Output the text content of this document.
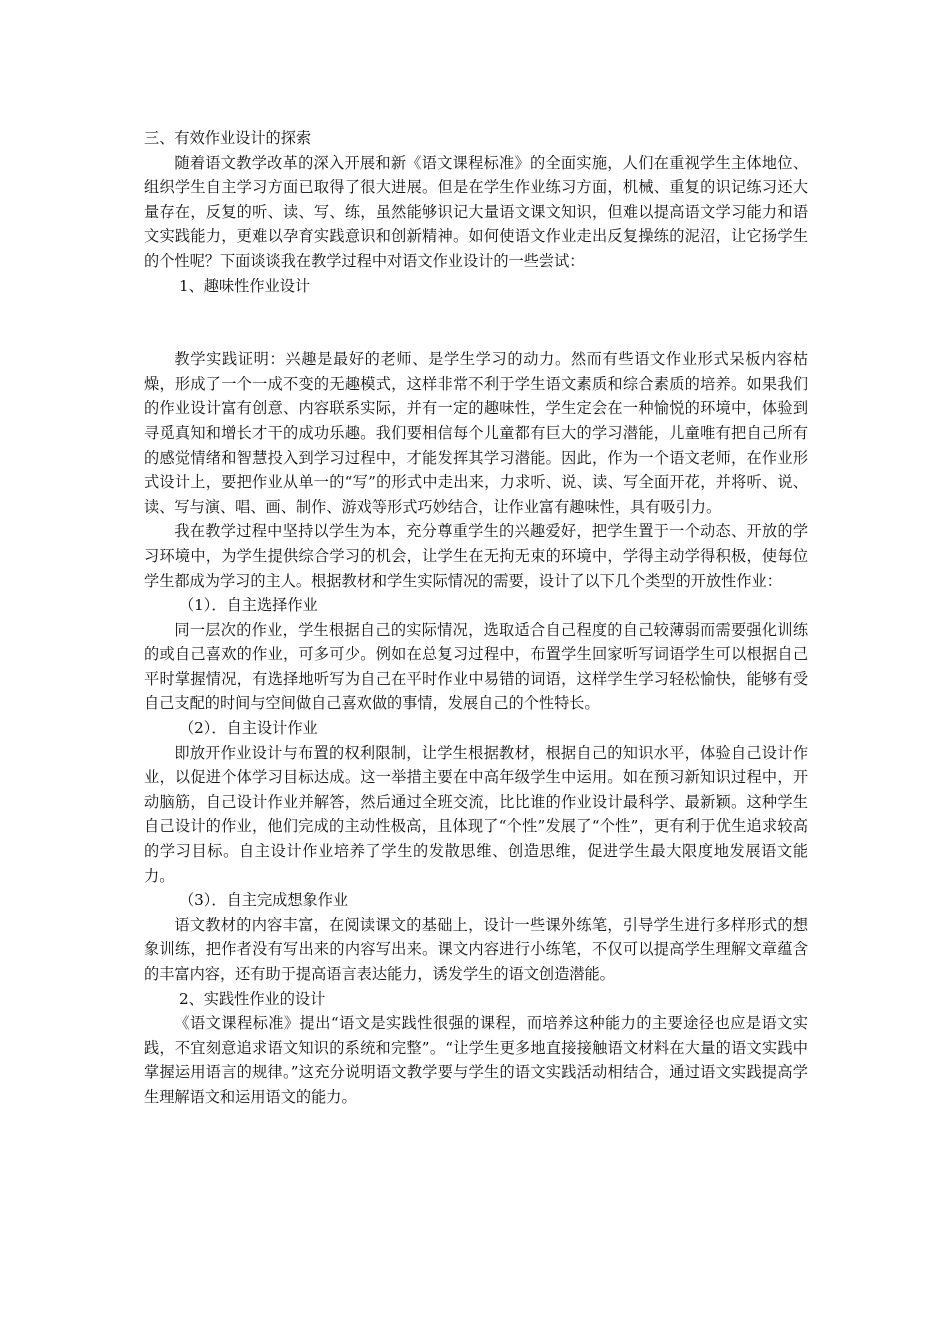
三、有效作业设计的探索

随着语文教学改革的深入开展和新《语文课程标准》的全面实施，人们在重视学生主体地位、组织学生自主学习方面已取得了很大进展。但是在学生作业练习方面，机械、重复的识记练习还大量存在，反复的听、读、写、练，虽然能够识记大量语文课文知识，但难以提高语文学习能力和语文实践能力，更难以孕育实践意识和创新精神。如何使语文作业走出反复操练的泥沼，让它扬学生的个性呢？下面谈谈我在教学过程中对语文作业设计的一些尝试：

1、趣味性作业设计

教学实践证明：兴趣是最好的老师、是学生学习的动力。然而有些语文作业形式呆板内容枯燥，形成了一个一成不变的无趣模式，这样非常不利于学生语文素质和综合素质的培养。如果我们的作业设计富有创意、内容联系实际，并有一定的趣味性，学生定会在一种愉悦的环境中，体验到寻觅真知和增长才干的成功乐趣。我们要相信每个儿童都有巨大的学习潜能，儿童唯有把自己所有的感觉情绪和智慧投入到学习过程中，才能发挥其学习潜能。因此，作为一个语文老师，在作业形式设计上，要把作业从单一的“写”的形式中走出来，力求听、说、读、写全面开花，并将听、说、读、写与演、唱、画、制作、游戏等形式巧妙结合，让作业富有趣味性，具有吸引力。

我在教学过程中坚持以学生为本，充分尊重学生的兴趣爱好，把学生置于一个动态、开放的学习环境中，为学生提供综合学习的机会，让学生在无拘无束的环境中，学得主动学得积极，使每位学生都成为学习的主人。根据教材和学生实际情况的需要，设计了以下几个类型的开放性作业：

（1）．自主选择作业

同一层次的作业，学生根据自己的实际情况，选取适合自己程度的自己较薄弱而需要强化训练的或自己喜欢的作业，可多可少。例如在总复习过程中，布置学生回家听写词语学生可以根据自己平时掌握情况，有选择地听写为自己在平时作业中易错的词语，这样学生学习轻松愉快，能够有受自己支配的时间与空间做自己喜欢做的事情，发展自己的个性特长。

（2）．自主设计作业

即放开作业设计与布置的权利限制，让学生根据教材，根据自己的知识水平，体验自己设计作业，以促进个体学习目标达成。这一举措主要在中高年级学生中运用。如在预习新知识过程中，开动脑筋，自己设计作业并解答，然后通过全班交流，比比谁的作业设计最科学、最新颖。这种学生自己设计的作业，他们完成的主动性极高，且体现了“个性”发展了“个性”，更有利于优生追求较高的学习目标。自主设计作业培养了学生的发散思维、创造思维，促进学生最大限度地发展语文能力。

（3）．自主完成想象作业

语文教材的内容丰富，在阅读课文的基础上，设计一些课外练笔，引导学生进行多样形式的想象训练，把作者没有写出来的内容写出来。课文内容进行小练笔，不仅可以提高学生理解文章蕴含的丰富内容，还有助于提高语言表达能力，诱发学生的语文创造潜能。

2、实践性作业的设计

《语文课程标准》提出“语文是实践性很强的课程，而培养这种能力的主要途径也应是语文实践，不宜刻意追求语文知识的系统和完整”。“让学生更多地直接接触语文材料在大量的语文实践中掌握运用语言的规律。”这充分说明语文教学要与学生的语文实践活动相结合，通过语文实践提高学生理解语文和运用语文的能力。
